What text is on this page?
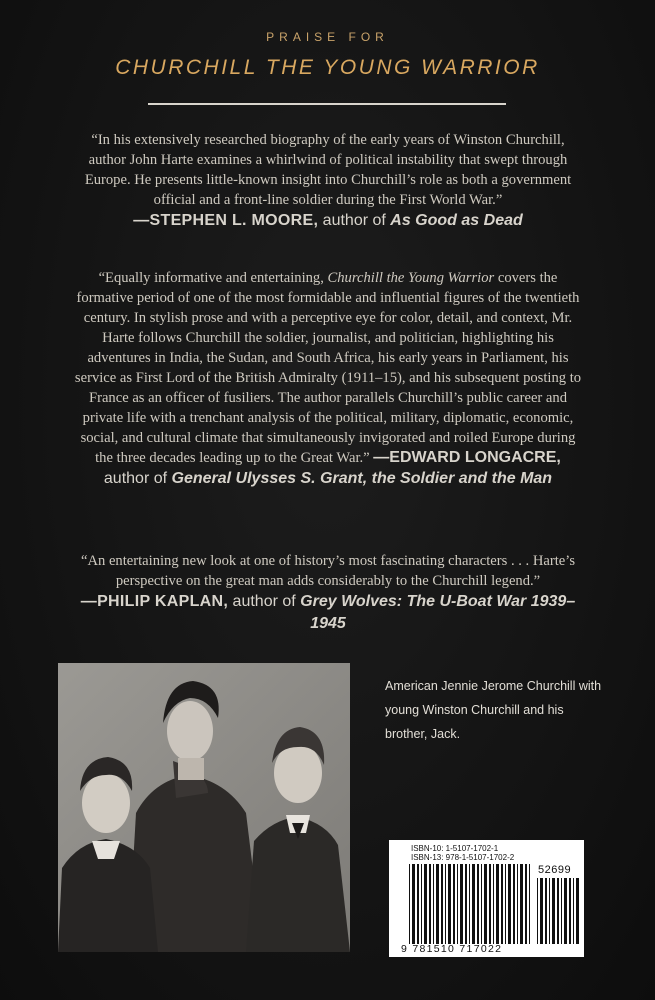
PRAISE FOR
CHURCHILL THE YOUNG WARRIOR
“In his extensively researched biography of the early years of Winston Churchill, author John Harte examines a whirlwind of political instability that swept through Europe. He presents little-known insight into Churchill’s role as both a government official and a front-line soldier during the First World War.”
—STEPHEN L. MOORE, author of As Good as Dead
“Equally informative and entertaining, Churchill the Young Warrior covers the formative period of one of the most formidable and influential figures of the twentieth century. In stylish prose and with a perceptive eye for color, detail, and context, Mr. Harte follows Churchill the soldier, journalist, and politician, highlighting his adventures in India, the Sudan, and South Africa, his early years in Parliament, his service as First Lord of the British Admiralty (1911–15), and his subsequent posting to France as an officer of fusiliers. The author parallels Churchill’s public career and private life with a trenchant analysis of the political, military, diplomatic, economic, social, and cultural climate that simultaneously invigorated and roiled Europe during the three decades leading up to the Great War.” —EDWARD LONGACRE, author of General Ulysses S. Grant, the Soldier and the Man
“An entertaining new look at one of history’s most fascinating characters . . . Harte’s perspective on the great man adds considerably to the Churchill legend.”
—PHILIP KAPLAN, author of Grey Wolves: The U-Boat War 1939–1945
American Jennie Jerome Churchill with young Winston Churchill and his brother, Jack.
ISBN-10: 1-5107-1702-1
ISBN-13: 978-1-5107-1702-2
52699
9 781510 717022
